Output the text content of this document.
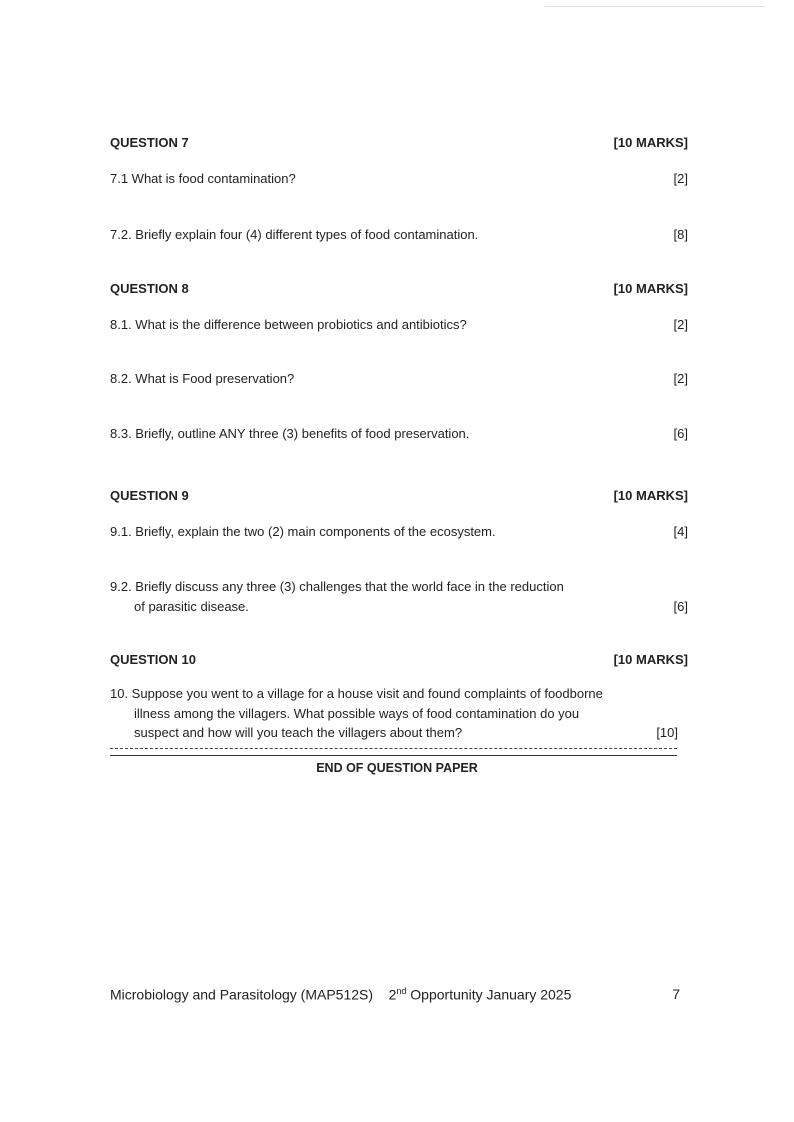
QUESTION 7	[10 MARKS]
7.1 What is food contamination?	[2]
7.2. Briefly explain four (4) different types of food contamination.	[8]
QUESTION 8	[10 MARKS]
8.1. What is the difference between probiotics and antibiotics?	[2]
8.2. What is Food preservation?	[2]
8.3. Briefly, outline ANY three (3) benefits of food preservation.	[6]
QUESTION 9	[10 MARKS]
9.1. Briefly, explain the two (2) main components of the ecosystem.	[4]
9.2. Briefly discuss any three (3) challenges that the world face in the reduction
of parasitic disease.	[6]
QUESTION 10	[10 MARKS]
10. Suppose you went to a village for a house visit and found complaints of foodborne
illness among the villagers. What possible ways of food contamination do you
suspect and how will you teach the villagers about them?	[10]
END OF QUESTION PAPER
Microbiology and Parasitology (MAP512S) 2nd Opportunity January 2025	7
